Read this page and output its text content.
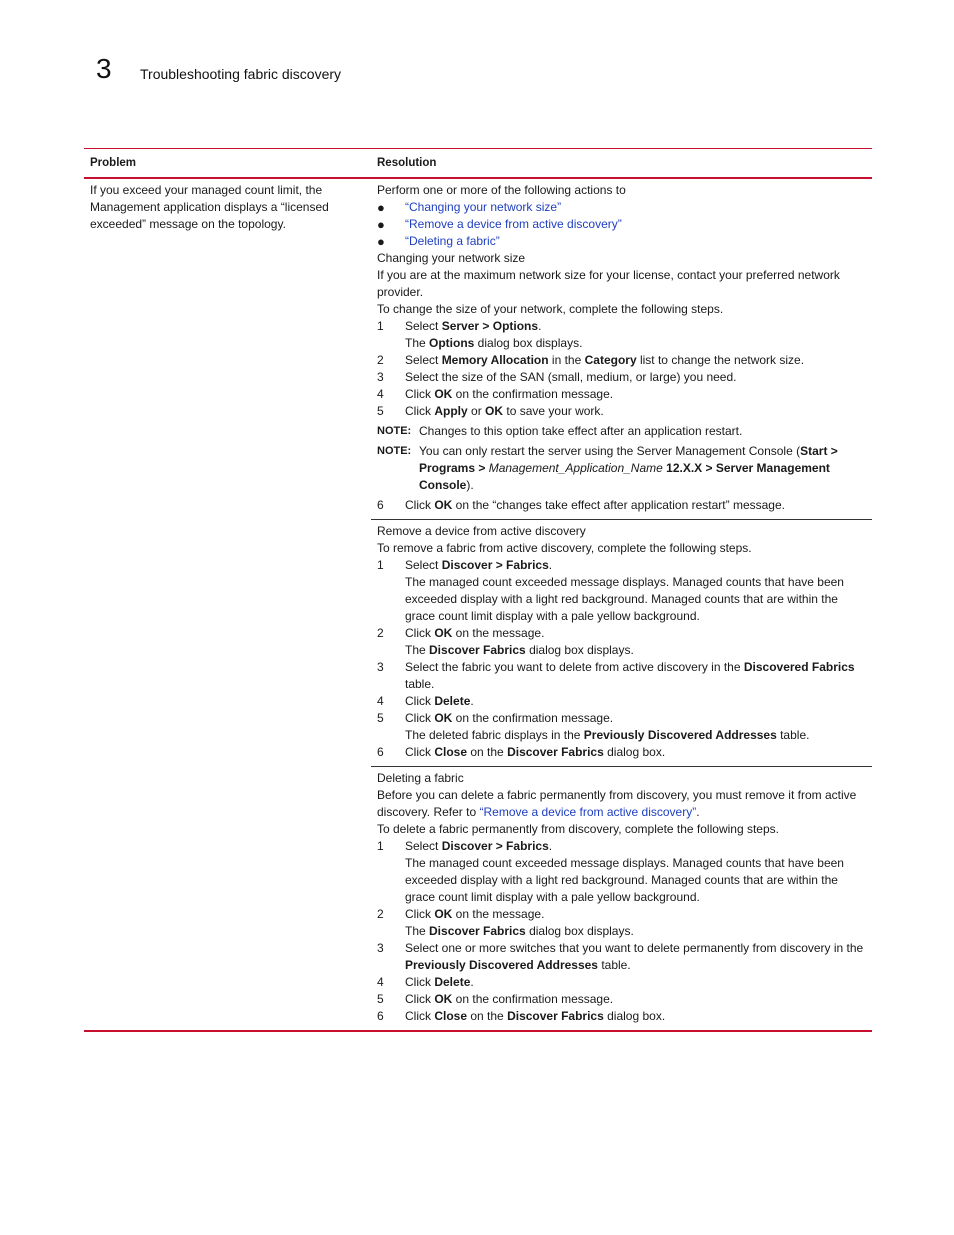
3 Troubleshooting fabric discovery
Problem	Resolution
If you exceed your managed count limit, the Management application displays a “licensed exceeded” message on the topology.

Perform one or more of the following actions to

●	“Changing your network size”
●	“Remove a device from active discovery”
●	“Deleting a fabric”

Changing your network size

If you are at the maximum network size for your license, contact your preferred network provider.

To change the size of your network, complete the following steps.

1	Select Server > Options.
The Options dialog box displays.
2	Select Memory Allocation in the Category list to change the network size.
3	Select the size of the SAN (small, medium, or large) you need.
4	Click OK on the confirmation message.
5	Click Apply or OK to save your work.
NOTE: Changes to this option take effect after an application restart.
NOTE: You can only restart the server using the Server Management Console (Start > Programs > Management_Application_Name 12.X.X > Server Management Console).
6	Click OK on the “changes take effect after application restart” message.

Remove a device from active discovery

To remove a fabric from active discovery, complete the following steps.

1	Select Discover > Fabrics.
The managed count exceeded message displays. Managed counts that have been exceeded display with a light red background. Managed counts that are within the grace count limit display with a pale yellow background.
2	Click OK on the message.
The Discover Fabrics dialog box displays.
3	Select the fabric you want to delete from active discovery in the Discovered Fabrics table.
4	Click Delete.
5	Click OK on the confirmation message.
The deleted fabric displays in the Previously Discovered Addresses table.
6	Click Close on the Discover Fabrics dialog box.

Deleting a fabric

Before you can delete a fabric permanently from discovery, you must remove it from active discovery. Refer to “Remove a device from active discovery”.

To delete a fabric permanently from discovery, complete the following steps.

1	Select Discover > Fabrics.
The managed count exceeded message displays. Managed counts that have been exceeded display with a light red background. Managed counts that are within the grace count limit display with a pale yellow background.
2	Click OK on the message.
The Discover Fabrics dialog box displays.
3	Select one or more switches that you want to delete permanently from discovery in the Previously Discovered Addresses table.
4	Click Delete.
5	Click OK on the confirmation message.
6	Click Close on the Discover Fabrics dialog box.
